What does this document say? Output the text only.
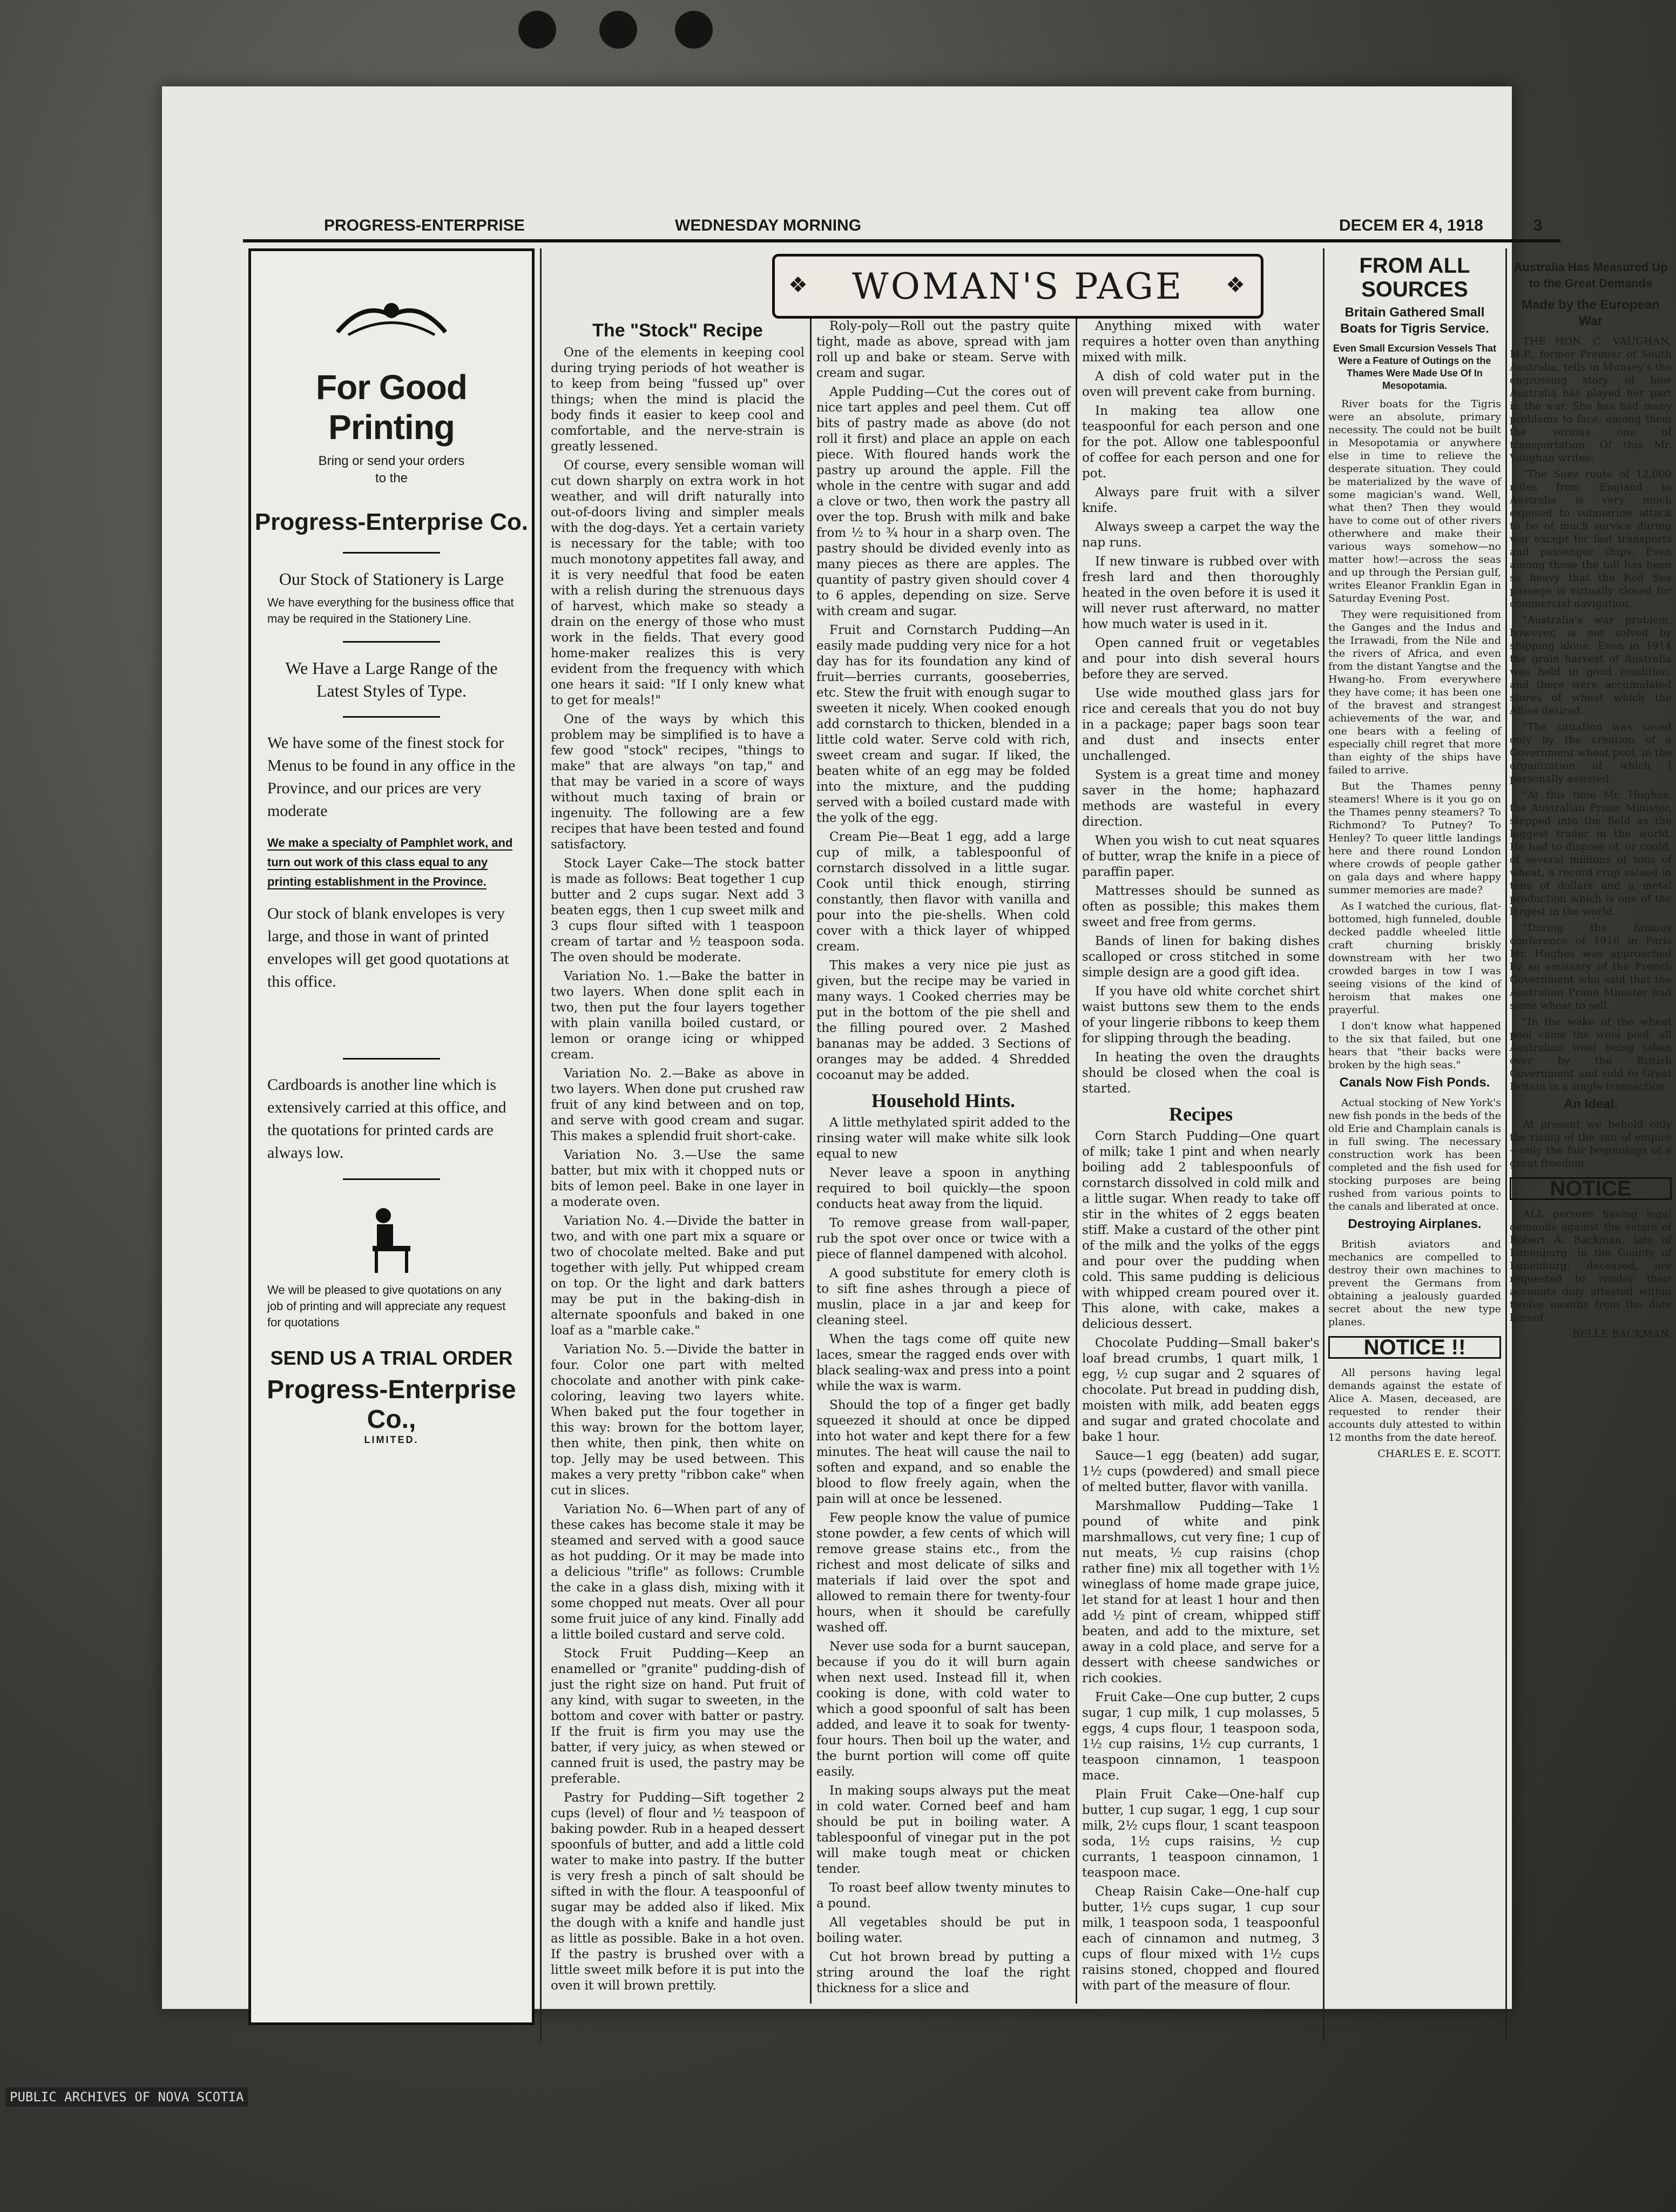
PROGRESS-ENTERPRISE	WEDNESDAY MORNING	DECEM ER 4, 1918	3
For Good Printing
Bring or send your orders to the
Progress-Enterprise Co.
Our Stock of Stationery is Large
We have everything for the business office that may be required in the Stationery Line.
We Have a Large Range of the Latest Styles of Type.
We have some of the finest stock for Menus to be found in any office in the Province, and our prices are very moderate
We make a specialty of Pamphlet work, and turn out work of this class equal to any printing establishment in the Province.
Our stock of blank envelopes is very large, and those in want of printed envelopes will get good quotations at this office.
Cardboards is another line which is extensively carried at this office, and the quotations for printed cards are always low.
We will be pleased to give quotations on any job of printing and will appreciate any request for quotations
SEND US A TRIAL ORDER
Progress-Enterprise Co.,
LIMITED.
❖ WOMAN'S PAGE ❖
The "Stock" Recipe

One of the elements in keeping cool during trying periods of hot weather is to keep from being "fussed up" over things; when the mind is placid the body finds it easier to keep cool and comfortable, and the nerve-strain is greatly lessened.

Of course, every sensible woman will cut down sharply on extra work in hot weather, and will drift naturally into out-of-doors living and simpler meals with the dog-days. Yet a certain variety is necessary for the table; with too much monotony appetites fall away, and it is very needful that food be eaten with a relish during the strenuous days of harvest, which make so steady a drain on the energy of those who must work in the fields. That every good home-maker realizes this is very evident from the frequency with which one hears it said: "If I only knew what to get for meals!"

One of the ways by which this problem may be simplified is to have a few good "stock" recipes, "things to make" that are always "on tap," and that may be varied in a score of ways without much taxing of brain or ingenuity. The following are a few recipes that have been tested and found satisfactory.

Stock Layer Cake—The stock batter is made as follows: Beat together 1 cup butter and 2 cups sugar. Next add 3 beaten eggs, then 1 cup sweet milk and 3 cups flour sifted with 1 teaspoon cream of tartar and ½ teaspoon soda. The oven should be moderate.

Variation No. 1.—Bake the batter in two layers. When done split each in two, then put the four layers together with plain vanilla boiled custard, or lemon or orange icing or whipped cream.

Variation No. 2.—Bake as above in two layers. When done put crushed raw fruit of any kind between and on top, and serve with good cream and sugar. This makes a splendid fruit short-cake.

Variation No. 3.—Use the same batter, but mix with it chopped nuts or bits of lemon peel. Bake in one layer in a moderate oven.

Variation No. 4.—Divide the batter in two, and with one part mix a square or two of chocolate melted. Bake and put together with jelly. Put whipped cream on top. Or the light and dark batters may be put in the baking-dish in alternate spoonfuls and baked in one loaf as a "marble cake."

Variation No. 5.—Divide the batter in four. Color one part with melted chocolate and another with pink cake-coloring, leaving two layers white. When baked put the four together in this way: brown for the bottom layer, then white, then pink, then white on top. Jelly may be used between. This makes a very pretty "ribbon cake" when cut in slices.

Variation No. 6—When part of any of these cakes has become stale it may be steamed and served with a good sauce as hot pudding. Or it may be made into a delicious "trifle" as follows: Crumble the cake in a glass dish, mixing with it some chopped nut meats. Over all pour some fruit juice of any kind. Finally add a little boiled custard and serve cold.

Stock Fruit Pudding—Keep an enamelled or "granite" pudding-dish of just the right size on hand. Put fruit of any kind, with sugar to sweeten, in the bottom and cover with batter or pastry. If the fruit is firm you may use the batter, if very juicy, as when stewed or canned fruit is used, the pastry may be preferable.

Pastry for Pudding—Sift together 2 cups (level) of flour and ½ teaspoon of baking powder. Rub in a heaped dessert spoonfuls of butter, and add a little cold water to make into pastry. If the butter is very fresh a pinch of salt should be sifted in with the flour. A teaspoonful of sugar may be added also if liked. Mix the dough with a knife and handle just as little as possible. Bake in a hot oven. If the pastry is brushed over with a little sweet milk before it is put into the oven it will brown prettily.

Roly-poly—Roll out the pastry quite tight, made as above, spread with jam roll up and bake or steam. Serve with cream and sugar.

Apple Pudding—Cut the cores out of nice tart apples and peel them. Cut off bits of pastry made as above (do not roll it first) and place an apple on each piece. With floured hands work the pastry up around the apple. Fill the whole in the centre with sugar and add a clove or two, then work the pastry all over the top. Brush with milk and bake from ½ to ¾ hour in a sharp oven. The pastry should be divided evenly into as many pieces as there are apples. The quantity of pastry given should cover 4 to 6 apples, depending on size. Serve with cream and sugar.

Fruit and Cornstarch Pudding—An easily made pudding very nice for a hot day has for its foundation any kind of fruit—berries currants, gooseberries, etc. Stew the fruit with enough sugar to sweeten it nicely. When cooked enough add cornstarch to thicken, blended in a little cold water. Serve cold with rich, sweet cream and sugar. If liked, the beaten white of an egg may be folded into the mixture, and the pudding served with a boiled custard made with the yolk of the egg.

Cream Pie—Beat 1 egg, add a large cup of milk, a tablespoonful of cornstarch dissolved in a little sugar. Cook until thick enough, stirring constantly, then flavor with vanilla and pour into the pie-shells. When cold cover with a thick layer of whipped cream.

This makes a very nice pie just as given, but the recipe may be varied in many ways. 1 Cooked cherries may be put in the bottom of the pie shell and the filling poured over. 2 Mashed bananas may be added. 3 Sections of oranges may be added. 4 Shredded cocoanut may be added.

Household Hints.

A little methylated spirit added to the rinsing water will make white silk look equal to new

Never leave a spoon in anything required to boil quickly—the spoon conducts heat away from the liquid.

To remove grease from wall-paper, rub the spot over once or twice with a piece of flannel dampened with alcohol.

A good substitute for emery cloth is to sift fine ashes through a piece of muslin, place in a jar and keep for cleaning steel.

When the tags come off quite new laces, smear the ragged ends over with black sealing-wax and press into a point while the wax is warm.

Should the top of a finger get badly squeezed it should at once be dipped into hot water and kept there for a few minutes. The heat will cause the nail to soften and expand, and so enable the blood to flow freely again, when the pain will at once be lessened.

Few people know the value of pumice stone powder, a few cents of which will remove grease stains etc., from the richest and most delicate of silks and materials if laid over the spot and allowed to remain there for twenty-four hours, when it should be carefully washed off.

Never use soda for a burnt saucepan, because if you do it will burn again when next used. Instead fill it, when cooking is done, with cold water to which a good spoonful of salt has been added, and leave it to soak for twenty-four hours. Then boil up the water, and the burnt portion will come off quite easily.

In making soups always put the meat in cold water. Corned beef and ham should be put in boiling water. A tablespoonful of vinegar put in the pot will make tough meat or chicken tender.

To roast beef allow twenty minutes to a pound.

All vegetables should be put in boiling water.

Cut hot brown bread by putting a string around the loaf the right thickness for a slice and

Anything mixed with water requires a hotter oven than anything mixed with milk.

A dish of cold water put in the oven will prevent cake from burning.

In making tea allow one teaspoonful for each person and one for the pot. Allow one tablespoonful of coffee for each person and one for pot.

Always pare fruit with a silver knife.

Always sweep a carpet the way the nap runs.

If new tinware is rubbed over with fresh lard and then thoroughly heated in the oven before it is used it will never rust afterward, no matter how much water is used in it.

Open canned fruit or vegetables and pour into dish several hours before they are served.

Use wide mouthed glass jars for rice and cereals that you do not buy in a package; paper bags soon tear and dust and insects enter unchallenged.

System is a great time and money saver in the home; haphazard methods are wasteful in every direction.

When you wish to cut neat squares of butter, wrap the knife in a piece of paraffin paper.

Mattresses should be sunned as often as possible; this makes them sweet and free from germs.

Bands of linen for baking dishes scalloped or cross stitched in some simple design are a good gift idea.

If you have old white corchet shirt waist buttons sew them to the ends of your lingerie ribbons to keep them for slipping through the beading.

In heating the oven the draughts should be closed when the coal is started.

Recipes

Corn Starch Pudding—One quart of milk; take 1 pint and when nearly boiling add 2 tablespoonfuls of cornstarch dissolved in cold milk and a little sugar. When ready to take off stir in the whites of 2 eggs beaten stiff. Make a custard of the other pint of the milk and the yolks of the eggs and pour over the pudding when cold. This same pudding is delicious with whipped cream poured over it. This alone, with cake, makes a delicious dessert.

Chocolate Pudding—Small baker's loaf bread crumbs, 1 quart milk, 1 egg, ½ cup sugar and 2 squares of chocolate. Put bread in pudding dish, moisten with milk, add beaten eggs and sugar and grated chocolate and bake 1 hour.

Sauce—1 egg (beaten) add sugar, 1½ cups (powdered) and small piece of melted butter, flavor with vanilla.

Marshmallow Pudding—Take 1 pound of white and pink marshmallows, cut very fine; 1 cup of nut meats, ½ cup raisins (chop rather fine) mix all together with 1½ wineglass of home made grape juice, let stand for at least 1 hour and then add ½ pint of cream, whipped stiff beaten, and add to the mixture, set away in a cold place, and serve for a dessert with cheese sandwiches or rich cookies.

Fruit Cake—One cup butter, 2 cups sugar, 1 cup milk, 1 cup molasses, 5 eggs, 4 cups flour, 1 teaspoon soda, 1½ cup raisins, 1½ cup currants, 1 teaspoon cinnamon, 1 teaspoon mace.

Plain Fruit Cake—One-half cup butter, 1 cup sugar, 1 egg, 1 cup sour milk, 2½ cups flour, 1 scant teaspoon soda, 1½ cups raisins, ½ cup currants, 1 teaspoon cinnamon, 1 teaspoon mace.

Cheap Raisin Cake—One-half cup butter, 1½ cups sugar, 1 cup sour milk, 1 teaspoon soda, 1 teaspoonful each of cinnamon and nutmeg, 3 cups of flour mixed with 1½ cups raisins stoned, chopped and floured with part of the measure of flour.

FROM ALL SOURCES
Britain Gathered Small Boats for Tigris Service.
Even Small Excursion Vessels That Were a Feature of Outings on the Thames Were Made Use Of In Mesopotamia.

River boats for the Tigris were an absolute, primary necessity. The could not be built in Mesopotamia or anywhere else in time to relieve the desperate situation. They could be materialized by the wave of some magician's wand. Well, what then? Then they would have to come out of other rivers otherwhere and make their various ways somehow—no matter how!—across the seas and up through the Persian gulf, writes Eleanor Franklin Egan in Saturday Evening Post.

They were requisitioned from the Ganges and the Indus and the Irrawadi, from the Nile and the rivers of Africa, and even from the distant Yangtse and the Hwang-ho. From everywhere they have come; it has been one of the bravest and strangest achievements of the war, and one bears with a feeling of especially chill regret that more than eighty of the ships have failed to arrive.

But the Thames penny steamers! Where is it you go on the Thames penny steamers? To Richmond? To Putney? To Henley? To queer little landings here and there round London where crowds of people gather on gala days and where happy summer memories are made?

As I watched the curious, flat-bottomed, high funneled, double decked paddle wheeled little craft churning briskly downstream with her two crowded barges in tow I was seeing visions of the kind of heroism that makes one prayerful.

I don't know what happened to the six that failed, but one hears that "their backs were broken by the high seas."

Canals Now Fish Ponds.

Actual stocking of New York's new fish ponds in the beds of the old Erie and Champlain canals is in full swing. The necessary construction work has been completed and the fish used for stocking purposes are being rushed from various points to the canals and liberated at once.

Destroying Airplanes.

British aviators and mechanics are compelled to destroy their own machines to prevent the Germans from obtaining a jealously guarded secret about the new type planes.

NOTICE !!

All persons having legal demands against the estate of Alice A. Masen, deceased, are requested to render their accounts duly attested to within 12 months from the date hereof.

CHARLES E. E. SCOTT.

Australia Has Measured Up to the Great Demands
Made by the European War

THE HON. C. VAUGHAN, M.P., former Premier of South Australia, tells in Munsey's the engrossing story of how Australia has played her part in the war. She has had many problems to face, among them the serious one of transportation. Of this Mr. Vaughan writes:

"The Suez route of 12,000 miles from England to Australia is very much exposed to submarine attack to be of much service during war except for fast transports and passenger ships. Even among these the toll has been so heavy that the Red Sea passage is virtually closed for commercial navigation.

"Australia's war problem, however, is not solved by shipping alone. Even in 1914 the grain harvest of Australia was held in good condition, and there were accumulated stores of wheat which the Allies desired.

"The situation was saved only by the creation of a Government wheat pool, in the organization of which I personally assisted.

"At this time Mr. Hughes, the Australian Prime Minister, stepped into the field as the biggest trader in the world. He had to dispose of, or could, of several millions of tons of wheat, a record crop valued in tens of dollars and a metal production which is one of the largest in the world.

"During the famous conference of 1916 in Paris Mr. Hughes was approached by an emissary of the French Government who said that the Australian Prime Minister had some wheat to sell.

"In the wake of the wheat pool came the wool pool, all Australian wool being taken over by the British Government and sold to Great Britain in a single transaction.

An Ideal.

At present we behold only the rising of the sun of empire—only the fair beginnings of a great freedom.

NOTICE

ALL persons having legal demands against the estate of Robert A. Backman, late of Lunenburg, in the County of Lunenburg, deceased, are requested to render their accounts duly attested within twelve months from the date hereof.

BELLE BACKMAN.

PUBLIC ARCHIVES OF NOVA SCOTIA
